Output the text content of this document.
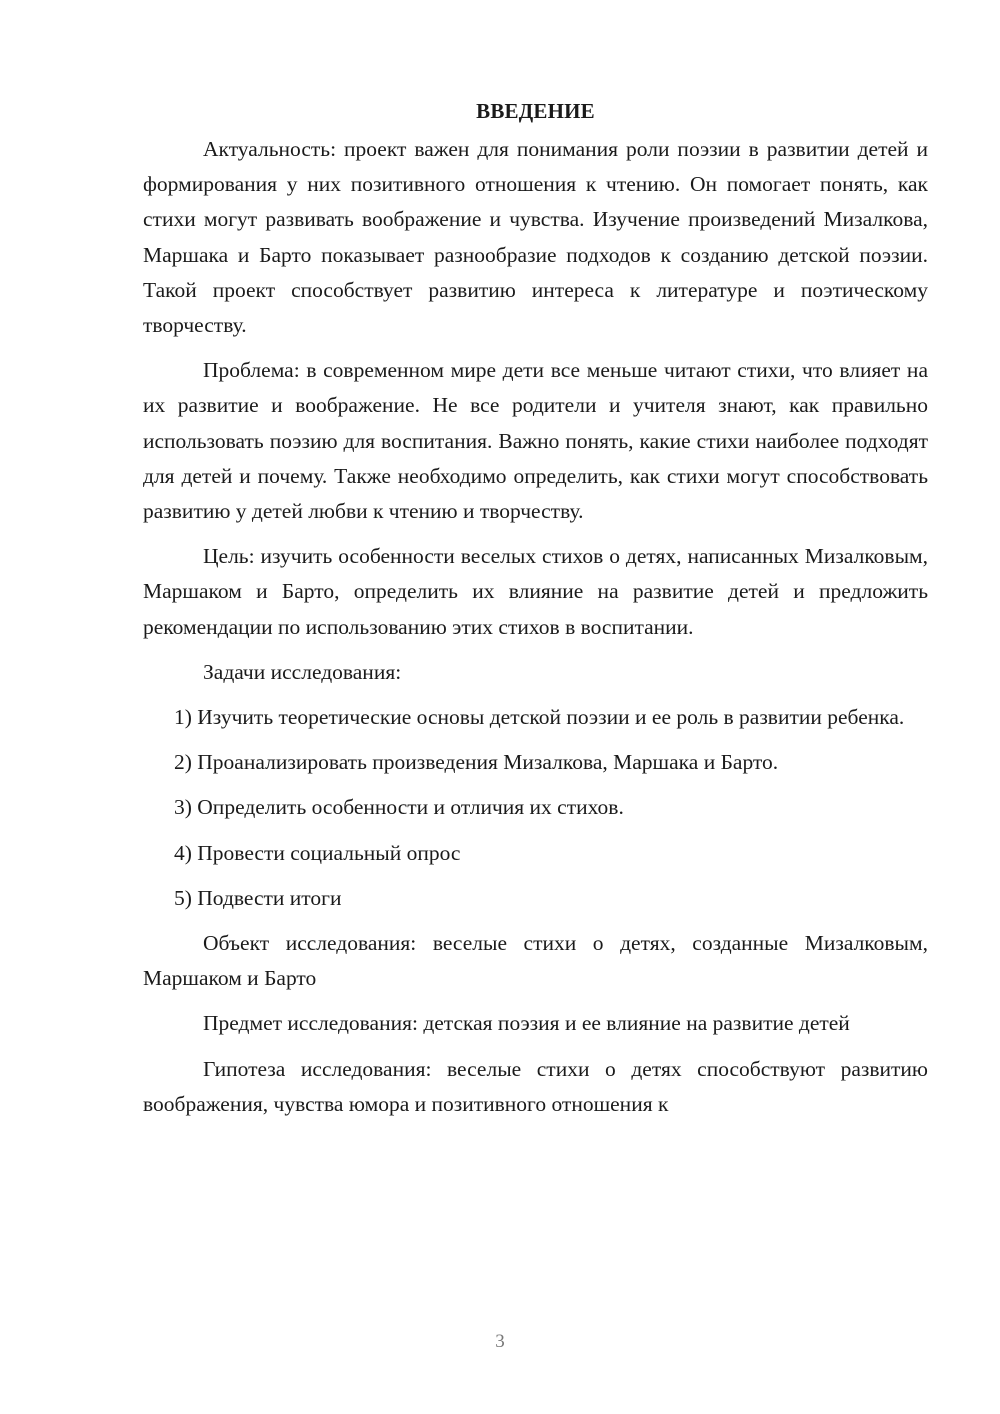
ВВЕДЕНИЕ

Актуальность: проект важен для понимания роли поэзии в развитии детей и формирования у них позитивного отношения к чтению. Он помогает понять, как стихи могут развивать воображение и чувства. Изучение произведений Мизалкова, Маршака и Барто показывает разнообразие подходов к созданию детской поэзии. Такой проект способствует развитию интереса к литературе и поэтическому творчеству.

Проблема: в современном мире дети все меньше читают стихи, что влияет на их развитие и воображение. Не все родители и учителя знают, как правильно использовать поэзию для воспитания. Важно понять, какие стихи наиболее подходят для детей и почему. Также необходимо определить, как стихи могут способствовать развитию у детей любви к чтению и творчеству.

Цель: изучить особенности веселых стихов о детях, написанных Мизалковым, Маршаком и Барто, определить их влияние на развитие детей и предложить рекомендации по использованию этих стихов в воспитании.

Задачи исследования:

1) Изучить теоретические основы детской поэзии и ее роль в развитии ребенка.

2) Проанализировать произведения Мизалкова, Маршака и Барто.

3) Определить особенности и отличия их стихов.

4) Провести социальный опрос

5) Подвести итоги

Объект исследования: веселые стихи о детях, созданные Мизалковым, Маршаком и Барто

Предмет исследования: детская поэзия и ее влияние на развитие детей

Гипотеза исследования: веселые стихи о детях способствуют развитию воображения, чувства юмора и позитивного отношения к

3
